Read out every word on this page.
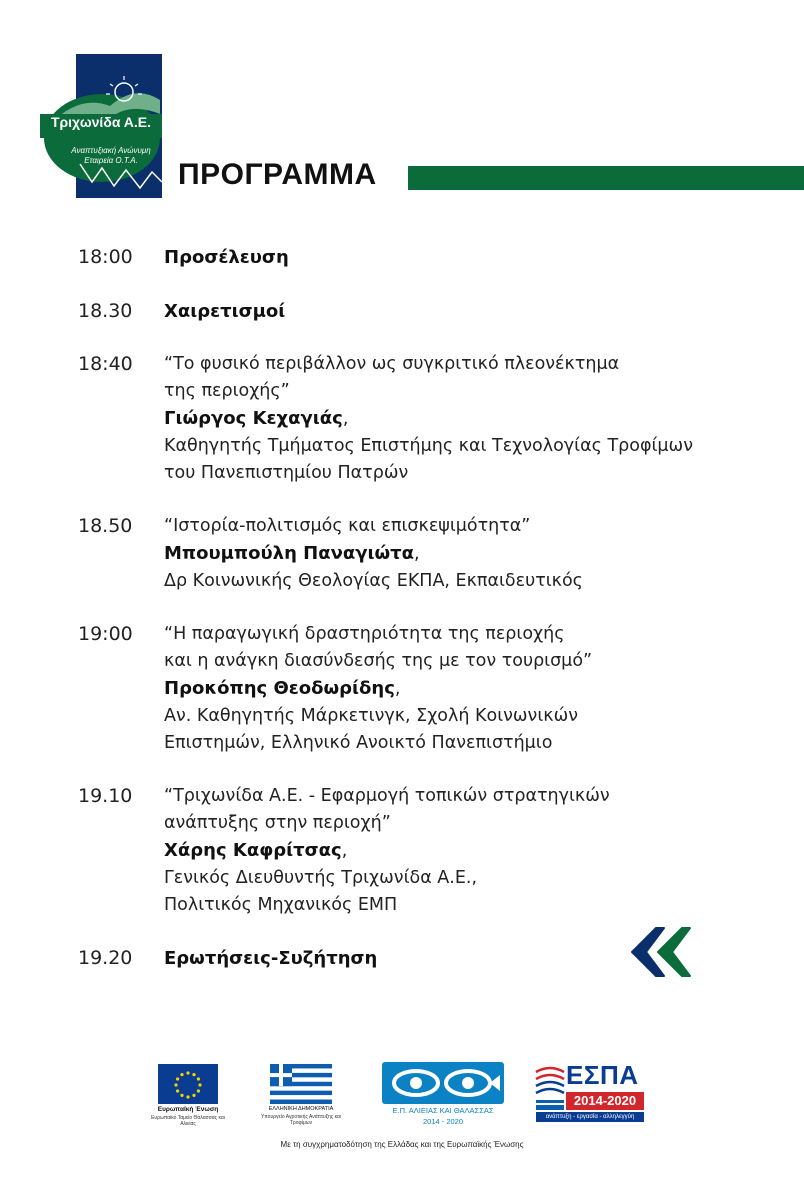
Τριχωνίδα Α.Ε.
Αναπτυξιακή Ανώνυμη Εταιρεία Ο.Τ.Α.	ΠΡΟΓΡΑΜΜΑ
18:00	Προσέλευση
18.30	Χαιρετισμοί
18:40	“Το φυσικό περιβάλλον ως συγκριτικό πλεονέκτημα
της περιοχής”
Γιώργος Κεχαγιάς,
Καθηγητής Τμήματος Επιστήμης και Τεχνολογίας Τροφίμων
του Πανεπιστημίου Πατρών
18.50	“Ιστορία-πολιτισμός και επισκεψιμότητα”
Μπουμπούλη Παναγιώτα,
Δρ Κοινωνικής Θεολογίας ΕΚΠΑ, Εκπαιδευτικός
19:00	“Η παραγωγική δραστηριότητα της περιοχής
και η ανάγκη διασύνδεσής της με τον τουρισμό”
Προκόπης Θεοδωρίδης,
Αν. Καθηγητής Μάρκετινγκ, Σχολή Κοινωνικών
Επιστημών, Ελληνικό Ανοικτό Πανεπιστήμιο
19.10	“Τριχωνίδα Α.Ε. - Εφαρμογή τοπικών στρατηγικών
ανάπτυξης στην περιοχή”
Χάρης Καφρίτσας,
Γενικός Διευθυντής Τριχωνίδα Α.Ε.,
Πολιτικός Μηχανικός ΕΜΠ
19.20	Ερωτήσεις-Συζήτηση
Ευρωπαϊκή Ένωση
Ευρωπαϊκό Ταμείο Θάλασσας και Αλιείας
ΕΛΛΗΝΙΚΗ ΔΗΜΟΚΡΑΤΙΑ
Υπουργείο Αγροτικής Ανάπτυξης και Τροφίμων
Ε.Π. ΑΛΙΕΙΑΣ ΚΑΙ ΘΑΛΑΣΣΑΣ
2014 - 2020
ΕΣΠΑ
2014-2020
ανάπτυξη - εργασία - αλληλεγγύη
Με τη συγχρηματοδότηση της Ελλάδας και της Ευρωπαϊκής Ένωσης
